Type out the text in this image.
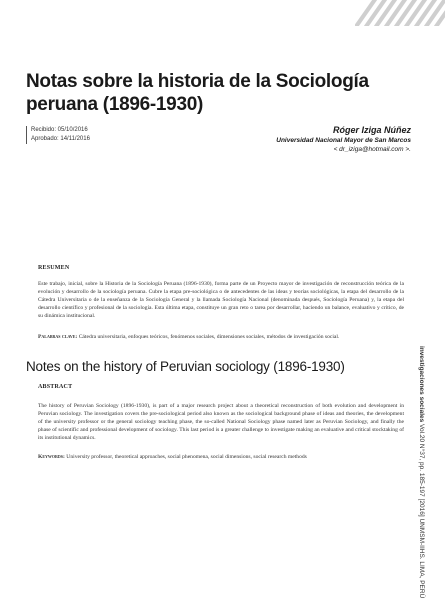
Notas sobre la historia de la Sociología peruana (1896-1930)
Recibido: 05/10/2016
Aprobado: 14/11/2016
Róger Iziga Núñez
Universidad Nacional Mayor de San Marcos
< dr_iziga@hotmail.com >.
RESUMEN

Este trabajo, inicial, sobre la Historia de la Sociología Peruana (1896-1930), forma parte de un Proyecto mayor de investigación de reconstrucción teórica de la evolución y desarrollo de la sociología peruana. Cubre la etapa pre-sociológica o de antecedentes de las ideas y teorías sociológicas, la etapa del desarrollo de la Cátedra Universitaria o de la enseñanza de la Sociología General y la llamada Sociología Nacional (denominada después, Sociología Peruana) y, la etapa del desarrollo científico y profesional de la sociología. Esta última etapa, constituye un gran reto o tarea por desarrollar, haciendo un balance, evaluativo y crítico, de su dinámica institucional.

Palabras clave: Cátedra universitaria, enfoques teóricos, fenómenos sociales, dimensiones sociales, métodos de investigación social.

Notes on the history of Peruvian sociology (1896-1930)
ABSTRACT

The history of Peruvian Sociology (1896-1930), is part of a major research project about a theoretical reconstruction of both evolution and development in Peruvian sociology. The investigation covers the pre-sociological period also known as the sociological background phase of ideas and theories, the development of the university professor or the general sociology teaching phase, the so-called National Sociology phase named later as Peruvian Sociology, and finally the phase of scientific and professional development of sociology. This last period is a greater challenge to investigate making an evaluative and critical stocktaking of its institutional dynamics.

Keywords: University professor, theoretical approaches, social phenomena, social dimensions, social research methods

investigaciones sociales Vol.20 N°37, pp. 185-197 [2016] UNMSM-IIHS. LIMA, PERÚ
